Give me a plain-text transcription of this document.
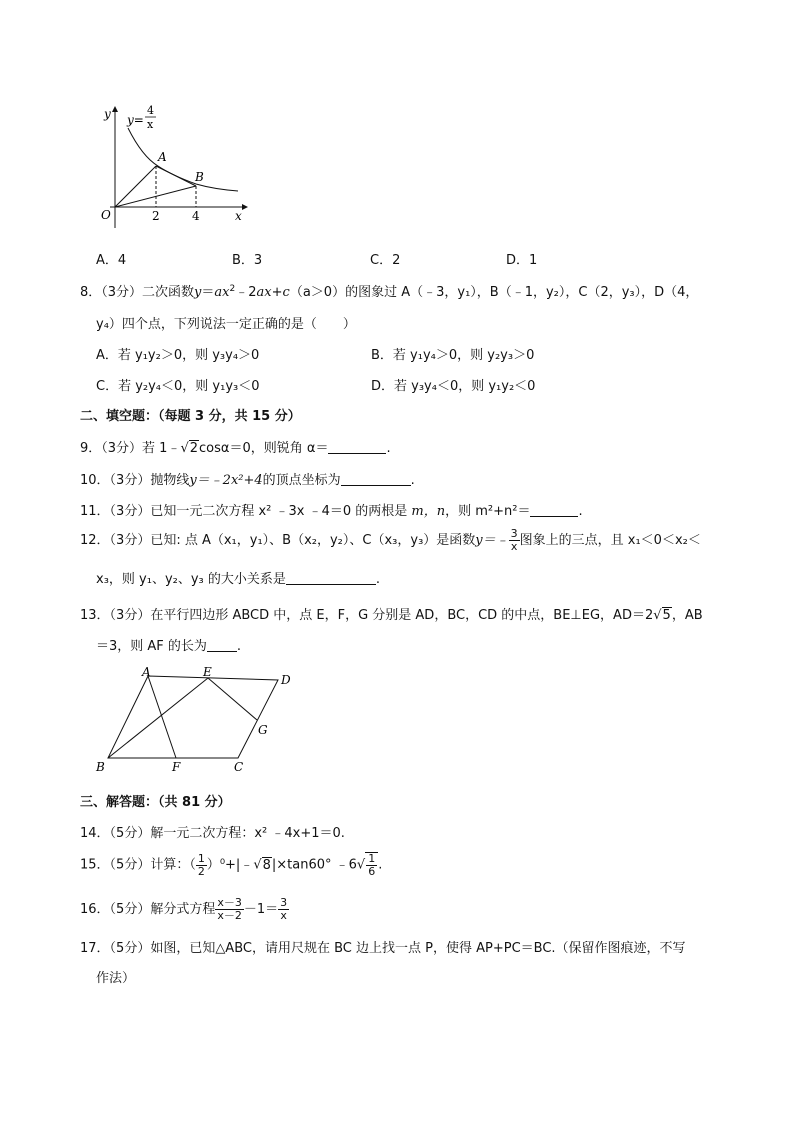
y
x
O
y=
4
x
A
B
2	4
A．4	B．3	C．2	D．1
8．（3分）二次函数$y=ax^2﹣2ax+c(a>0)$的图象过 A（﹣3，y₁），B（﹣1，y₂），C（2，y₃），D（4，
y₄）四个点，下列说法一定正确的是（　　）
A．若 y₁y₂＞0，则 y₃y₄＞0	B．若 y₁y₄＞0，则 y₂y₃＞0
C．若 y₂y₄＜0，则 y₁y₃＜0	D．若 y₃y₄＜0，则 y₁y₂＜0
二、填空题：（每题 3 分，共 15 分）
9．（3分）若 1﹣√2cosα＝0，则锐角 α＝	.
10．（3分）抛物线y＝﹣2x²+4的顶点坐标为	.
11．（3分）已知一元二次方程 x² ﹣3x ﹣4＝0 的两根是 m，n，则 m²+n²＝	.
12．（3分）已知: 点 A（x₁，y₁）、B（x₂，y₂）、C（x₃，y₃）是函数y＝﹣ $\frac{3}{x}$ 图象上的三点，且 x₁＜0＜x₂＜
x₃，则 y₁、y₂、y₃ 的大小关系是	.
13．（3分）在平行四边形 ABCD 中，点 E，F，G 分别是 AD，BC，CD 的中点，BE⊥EG，AD＝2√5，AB
＝3，则 AF 的长为 .
A	E
D
G
B	F	C
三、解答题：（共 81 分）
14．（5分）解一元二次方程：x² ﹣4x+1＝0.
15．（5分）计算：（ $\frac{1}{2}$ ）⁰+|﹣√8|×tan60° ﹣6√ $\frac{1}{6}$ .
16．（5分）解分式方程 $\frac{x-3}{x-2} -1= \frac{3}{x}$
17．（5分）如图，已知△ABC，请用尺规在 BC 边上找一点 P，使得 AP+PC＝BC.（保留作图痕迹，不写
作法）
